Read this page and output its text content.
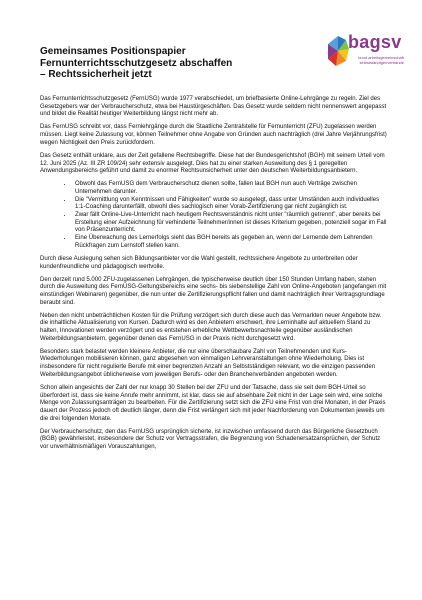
Gemeinsames Positionspapier
Fernunterrichtsschutzgesetz abschaffen
– Rechtssicherheit jetzt
bagsv
bund arbeitsgemeinschaft
selbstständigenverbände

Das Fernunterrichtsschutzgesetz (FernUSG) wurde 1977 verabschiedet, um briefbasierte Online-Lehrgänge zu regeln. Ziel des Gesetzgebers war der Verbraucherschutz, etwa bei Haustürgeschäften. Das Gesetz wurde seitdem nicht nennenswert angepasst und bildet die Realität heutiger Weiterbildung längst nicht mehr ab.

Das FernUSG schreibt vor, dass Fernlehrgänge durch die Staatliche Zentralstelle für Fernunterricht (ZFU) zugelassen werden müssen. Liegt keine Zulassung vor, können Teilnehmer ohne Angabe von Gründen auch nachträglich (drei Jahre Verjährungsfrist) wegen Nichtigkeit den Preis zurückfordern.

Das Gesetz enthält unklare, aus der Zeit gefallene Rechtsbegriffe. Diese hat der Bundesgerichtshof (BGH) mit seinem Urteil vom 12. Juni 2025 (Az. III ZR 109/24) sehr extensiv ausgelegt. Dies hat zu einer starken Ausweitung des § 1 geregelten Anwendungsbereichs geführt und damit zu enormer Rechtsunsicherheit unter den deutschen Weiterbildungsanbietern.

• Obwohl das FernUSG dem Verbraucherschutz dienen sollte, fallen laut BGH nun auch Verträge zwischen Unternehmen darunter.
• Die "Vermittlung von Kenntnissen und Fähigkeiten" wurde so ausgelegt, dass unter Umständen auch individuelles 1:1-Coaching darunterfällt, obwohl dies sachlogisch einer Vorab-Zertifizierung gar nicht zugänglich ist.
• Zwar fällt Online-Live-Unterricht nach heutigem Rechtsverständnis nicht unter "räumlich getrennt", aber bereits bei Erstellung einer Aufzeichnung für verhinderte Teilnehmer/innen ist dieses Kriterium gegeben, potenziell sogar im Fall von Präsenzunterricht.
• Eine Überwachung des Lernerfolgs sieht das BGH bereits als gegeben an, wenn der Lernende dem Lehrenden Rückfragen zum Lernstoff stellen kann.

Durch diese Auslegung sehen sich Bildungsanbieter vor die Wahl gestellt, rechtssichere Angebote zu unterbreiten oder kundenfreundliche und pädagogisch wertvolle.

Den derzeit rund 5.000 ZFU-zugelassenen Lehrgängen, die typischerweise deutlich über 150 Stunden Umfang haben, stehen durch die Ausweitung des FernUSG-Geltungsbereichs eine sechs- bis siebenstellige Zahl von Online-Angeboten (angefangen mit einstündigen Webinaren) gegenüber, die nun unter die Zertifizierungspflicht fallen und damit nachträglich ihrer Vertragsgrundlage beraubt sind.

Neben den nicht unbeträchtlichen Kosten für die Prüfung verzögert sich durch diese auch das Vermarkten neuer Angebote bzw. die inhaltliche Aktualisierung von Kursen. Dadurch wird es den Anbietern erschwert, ihre Lerninhalte auf aktuellem Stand zu halten, Innovationen werden verzögert und es entstehen erhebliche Wettbewerbsnachteile gegenüber ausländischen Weiterbildungsanbietern, gegenüber denen das FernUSG in der Praxis nicht durchgesetzt wird.

Besonders stark belastet werden kleinere Anbieter, die nur eine überschaubare Zahl von Teilnehmenden und Kurs-Wiederholungen mobilisieren können, ganz abgesehen von einmaligen Lehrveranstaltungen ohne Wiederholung. Dies ist insbesondere für nicht regulierte Berufe mit einer begrenzten Anzahl an Selbstständigen relevant, wo die einzigen passenden Weiterbildungsangebot üblicherweise vom jeweiligen Berufs- oder den Branchenverbänden angeboten werden.

Schon allein angesichts der Zahl der nur knapp 30 Stellen bei der ZFU und der Tatsache, dass sie seit dem BGH-Urteil so überfordert ist, dass sie keine Anrufe mehr annimmt, ist klar, dass sie auf absehbare Zeit nicht in der Lage sein wird, eine solche Menge von Zulassungsanträgen zu bearbeiten. Für die Zertifizierung setzt sich die ZFU eine Frist von drei Monaten, in der Praxis dauert der Prozess jedoch oft deutlich länger, denn die Frist verlängert sich mit jeder Nachforderung von Dokumenten jeweils um die drei folgenden Monate.

Der Verbraucherschutz, den das FernUSG ursprünglich sicherte, ist inzwischen umfassend durch das Bürgerliche Gesetzbuch (BGB) gewährleistet, insbesondere der Schutz vor Vertragsstrafen, die Begrenzung von Schadenersatzansprüchen, der Schutz vor unverhältnismäßigen Vorauszahlungen,
